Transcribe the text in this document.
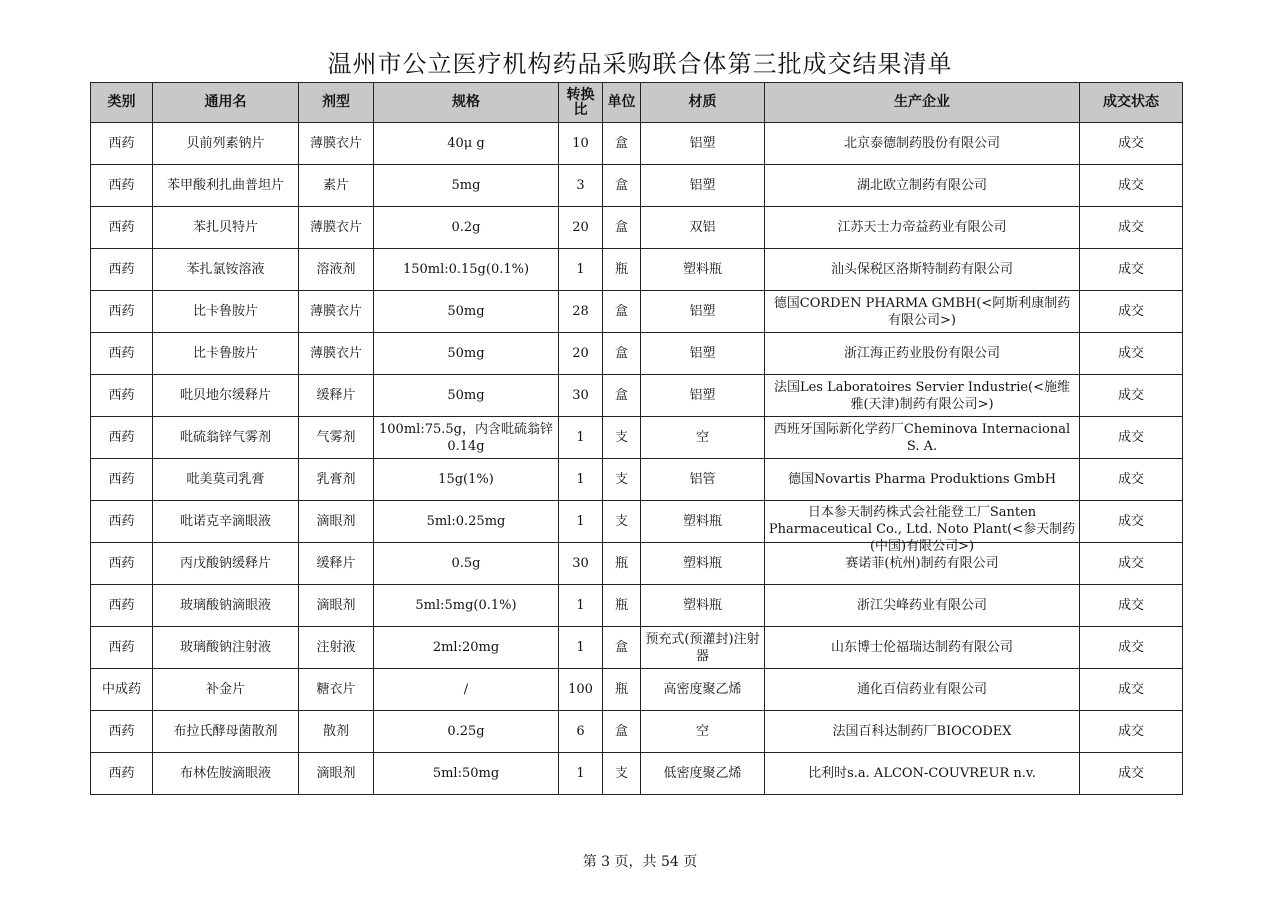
温州市公立医疗机构药品采购联合体第三批成交结果清单
类别	通用名	剂型	规格	转换比	单位	材质	生产企业	成交状态

西药	贝前列素钠片	薄膜衣片	40μ g	10	盒	铝塑	北京泰德制药股份有限公司	成交

西药	苯甲酸利扎曲普坦片	素片	5mg	3	盒	铝塑	湖北欧立制药有限公司	成交

西药	苯扎贝特片	薄膜衣片	0.2g	20	盒	双铝	江苏天士力帝益药业有限公司	成交

西药	苯扎氯铵溶液	溶液剂	150ml:0.15g(0.1%)	1	瓶	塑料瓶	汕头保税区洛斯特制药有限公司	成交

西药	比卡鲁胺片	薄膜衣片	50mg	28	盒	铝塑	德国CORDEN PHARMA GMBH(<阿斯利康制药有限公司>)	成交

西药	比卡鲁胺片	薄膜衣片	50mg	20	盒	铝塑	浙江海正药业股份有限公司	成交

西药	吡贝地尔缓释片	缓释片	50mg	30	盒	铝塑	法国Les Laboratoires Servier Industrie(<施维雅(天津)制药有限公司>)	成交

西药	吡硫翁锌气雾剂	气雾剂	100ml:75.5g，内含吡硫翁锌0.14g	1	支	空	西班牙国际新化学药厂Cheminova Internacional S. A.	成交

西药	吡美莫司乳膏	乳膏剂	15g(1%)	1	支	铝管	德国Novartis Pharma Produktions GmbH	成交

西药	吡诺克辛滴眼液	滴眼剂	5ml:0.25mg	1	支	塑料瓶	日本参天制药株式会社能登工厂Santen Pharmaceutical Co., Ltd. Noto Plant(<参天制药(中国)有限公司>)	成交

西药	丙戊酸钠缓释片	缓释片	0.5g	30	瓶	塑料瓶	赛诺菲(杭州)制药有限公司	成交

西药	玻璃酸钠滴眼液	滴眼剂	5ml:5mg(0.1%)	1	瓶	塑料瓶	浙江尖峰药业有限公司	成交

西药	玻璃酸钠注射液	注射液	2ml:20mg	1	盒	预充式(预灌封)注射器	山东博士伦福瑞达制药有限公司	成交

中成药	补金片	糖衣片	/	100	瓶	高密度聚乙烯	通化百信药业有限公司	成交

西药	布拉氏酵母菌散剂	散剂	0.25g	6	盒	空	法国百科达制药厂BIOCODEX	成交

西药	布林佐胺滴眼液	滴眼剂	5ml:50mg	1	支	低密度聚乙烯	比利时s.a. ALCON-COUVREUR n.v.	成交
第 3 页，共 54 页
